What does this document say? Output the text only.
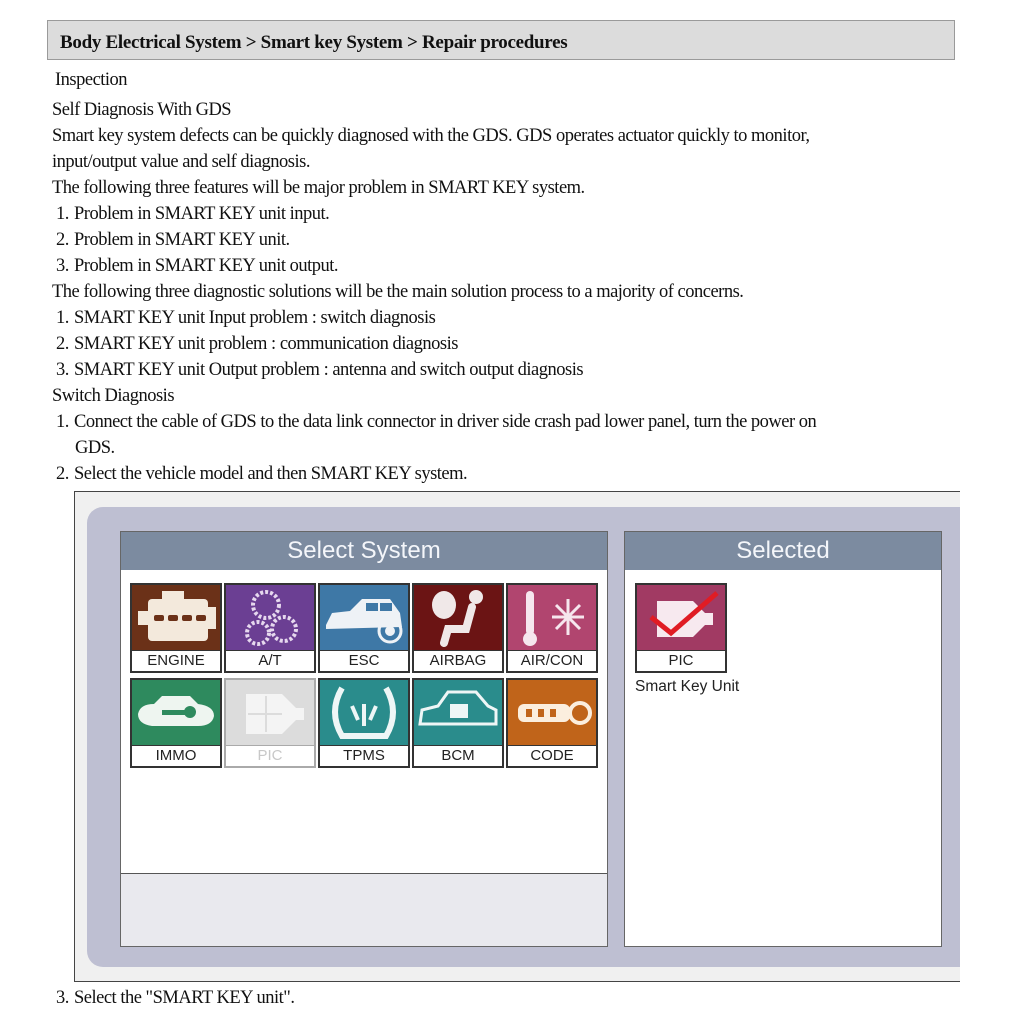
Body Electrical System > Smart key System > Repair procedures
Inspection
Self Diagnosis With GDS
Smart key system defects can be quickly diagnosed with the GDS. GDS operates actuator quickly to monitor,
input/output value and self diagnosis.
The following three features will be major problem in SMART KEY system.
1. Problem in SMART KEY unit input.
2. Problem in SMART KEY unit.
3. Problem in SMART KEY unit output.
The following three diagnostic solutions will be the main solution process to a majority of concerns.
1. SMART KEY unit Input problem : switch diagnosis
2. SMART KEY unit problem : communication diagnosis
3. SMART KEY unit Output problem : antenna and switch output diagnosis
Switch Diagnosis
1. Connect the cable of GDS to the data link connector in driver side crash pad lower panel, turn the power on
GDS.
2. Select the vehicle model and then SMART KEY system.
Select System
ENGINE	A/T	ESC	AIRBAG	AIR/CON
IMMO	PIC	TPMS	BCM	CODE
Selected
PIC
Smart Key Unit
3. Select the "SMART KEY unit".
